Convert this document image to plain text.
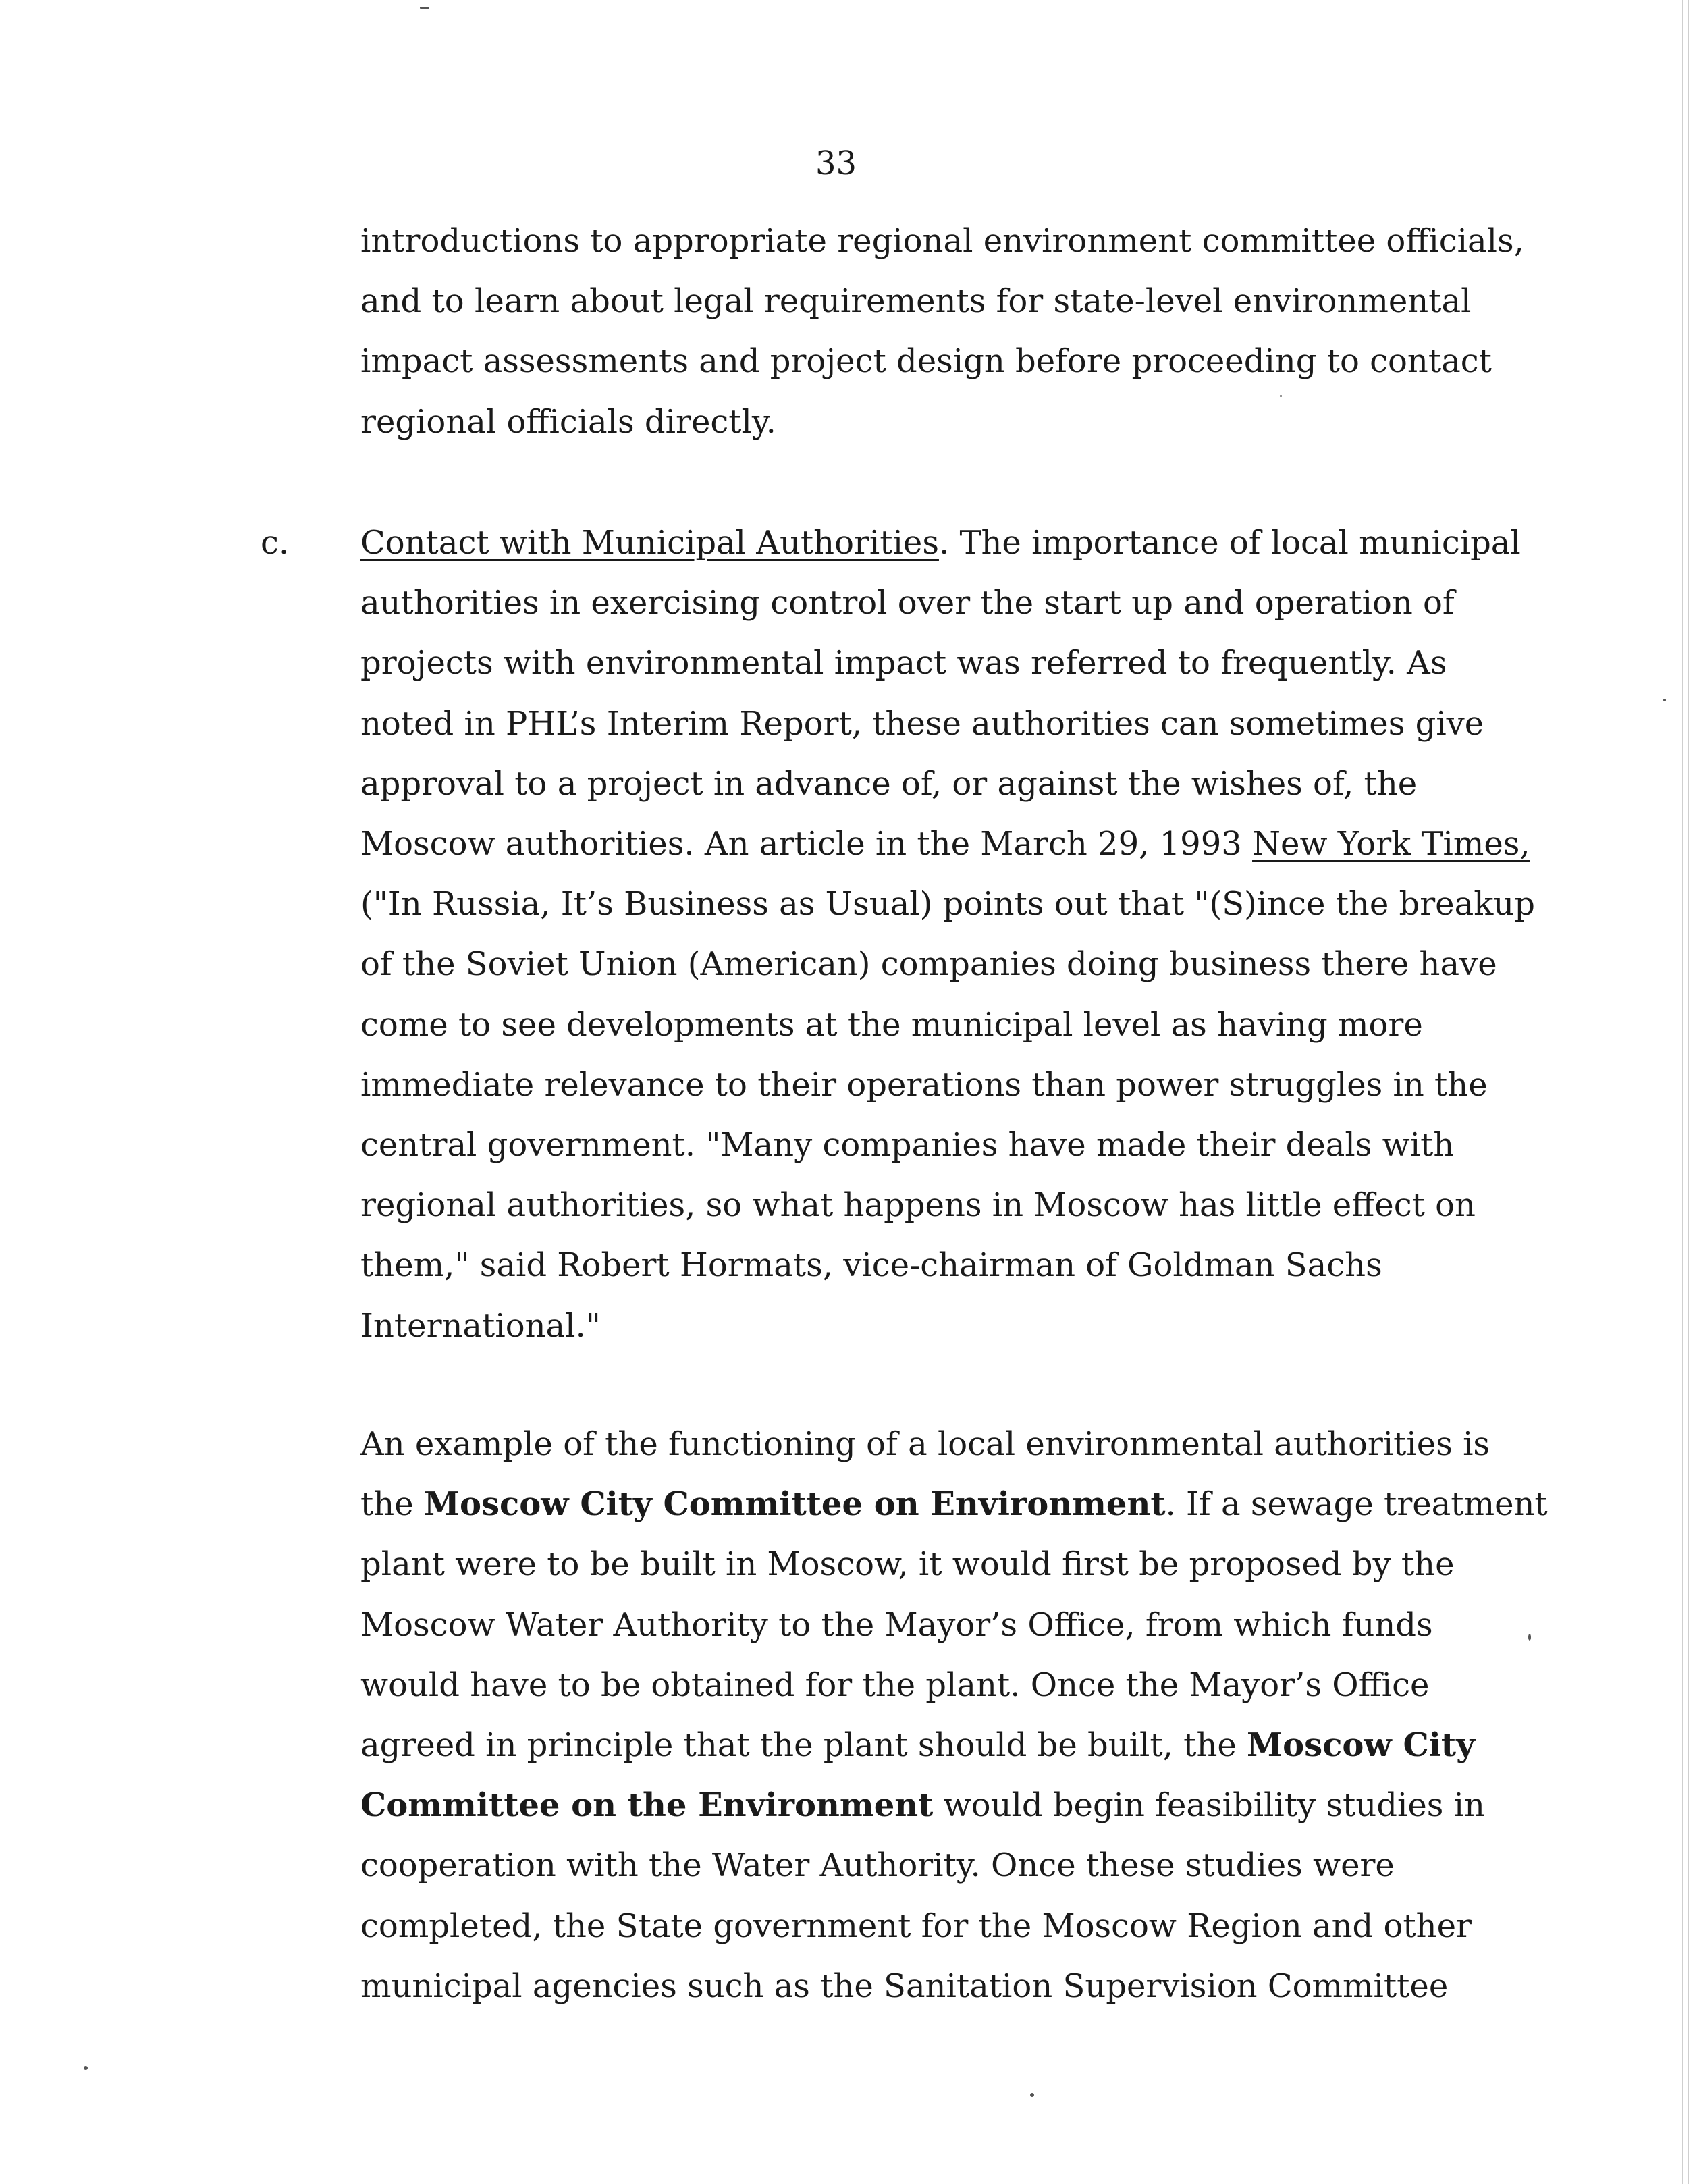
33
introductions to appropriate regional environment committee officials,
and to learn about legal requirements for state-level environmental
impact assessments and project design before proceeding to contact
regional officials directly.
c. Contact with Municipal Authorities. The importance of local municipal
authorities in exercising control over the start up and operation of
projects with environmental impact was referred to frequently. As
noted in PHL’s Interim Report, these authorities can sometimes give
approval to a project in advance of, or against the wishes of, the
Moscow authorities. An article in the March 29, 1993 New York Times,
("In Russia, It’s Business as Usual) points out that "(S)ince the breakup
of the Soviet Union (American) companies doing business there have
come to see developments at the municipal level as having more
immediate relevance to their operations than power struggles in the
central government. "Many companies have made their deals with
regional authorities, so what happens in Moscow has little effect on
them," said Robert Hormats, vice-chairman of Goldman Sachs
International."
An example of the functioning of a local environmental authorities is
the Moscow City Committee on Environment. If a sewage treatment
plant were to be built in Moscow, it would first be proposed by the
Moscow Water Authority to the Mayor’s Office, from which funds
would have to be obtained for the plant. Once the Mayor’s Office
agreed in principle that the plant should be built, the Moscow City
Committee on the Environment would begin feasibility studies in
cooperation with the Water Authority. Once these studies were
completed, the State government for the Moscow Region and other
municipal agencies such as the Sanitation Supervision Committee
